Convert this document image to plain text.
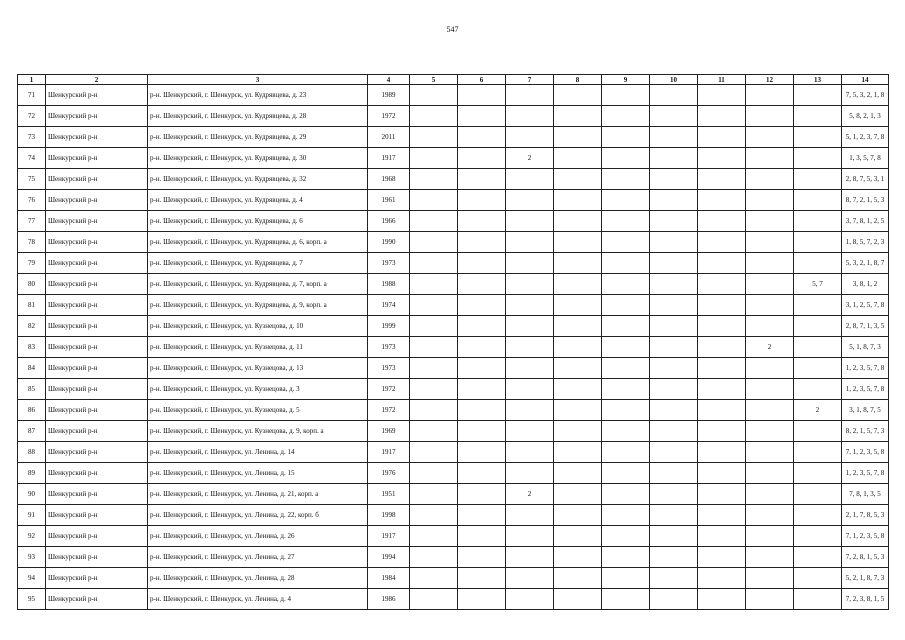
547
1	2	3	4	5	6	7	8	9	10	11	12	13	14
71	Шенкурский р-н	р-н. Шенкурский, г. Шенкурск, ул. Кудрявцева, д. 23	1989										7, 5, 3, 2, 1, 8
72	Шенкурский р-н	р-н. Шенкурский, г. Шенкурск, ул. Кудрявцева, д. 28	1972										5, 8, 2, 1, 3
73	Шенкурский р-н	р-н. Шенкурский, г. Шенкурск, ул. Кудрявцева, д. 29	2011										5, 1, 2, 3, 7, 8
74	Шенкурский р-н	р-н. Шенкурский, г. Шенкурск, ул. Кудрявцева, д. 30	1917			2							1, 3, 5, 7, 8
75	Шенкурский р-н	р-н. Шенкурский, г. Шенкурск, ул. Кудрявцева, д. 32	1968										2, 8, 7, 5, 3, 1
76	Шенкурский р-н	р-н. Шенкурский, г. Шенкурск, ул. Кудрявцева, д. 4	1961										8, 7, 2, 1, 5, 3
77	Шенкурский р-н	р-н. Шенкурский, г. Шенкурск, ул. Кудрявцева, д. 6	1966										3, 7, 8, 1, 2, 5
78	Шенкурский р-н	р-н. Шенкурский, г. Шенкурск, ул. Кудрявцева, д. 6, корп. а	1990										1, 8, 5, 7, 2, 3
79	Шенкурский р-н	р-н. Шенкурский, г. Шенкурск, ул. Кудрявцева, д. 7	1973										5, 3, 2, 1, 8, 7
80	Шенкурский р-н	р-н. Шенкурский, г. Шенкурск, ул. Кудрявцева, д. 7, корп. а	1988									5, 7	3, 8, 1, 2
81	Шенкурский р-н	р-н. Шенкурский, г. Шенкурск, ул. Кудрявцева, д. 9, корп. а	1974										3, 1, 2, 5, 7, 8
82	Шенкурский р-н	р-н. Шенкурский, г. Шенкурск, ул. Кузнецова, д. 10	1999										2, 8, 7, 1, 3, 5
83	Шенкурский р-н	р-н. Шенкурский, г. Шенкурск, ул. Кузнецова, д. 11	1973								2		5, 1, 8, 7, 3
84	Шенкурский р-н	р-н. Шенкурский, г. Шенкурск, ул. Кузнецова, д. 13	1973										1, 2, 3, 5, 7, 8
85	Шенкурский р-н	р-н. Шенкурский, г. Шенкурск, ул. Кузнецова, д. 3	1972										1, 2, 3, 5, 7, 8
86	Шенкурский р-н	р-н. Шенкурский, г. Шенкурск, ул. Кузнецова, д. 5	1972									2	3, 1, 8, 7, 5
87	Шенкурский р-н	р-н. Шенкурский, г. Шенкурск, ул. Кузнецова, д. 9, корп. а	1969										8, 2, 1, 5, 7, 3
88	Шенкурский р-н	р-н. Шенкурский, г. Шенкурск, ул. Ленина, д. 14	1917										7, 1, 2, 3, 5, 8
89	Шенкурский р-н	р-н. Шенкурский, г. Шенкурск, ул. Ленина, д. 15	1976										1, 2, 3, 5, 7, 8
90	Шенкурский р-н	р-н. Шенкурский, г. Шенкурск, ул. Ленина, д. 21, корп. а	1951			2							7, 8, 1, 3, 5
91	Шенкурский р-н	р-н. Шенкурский, г. Шенкурск, ул. Ленина, д. 22, корп. б	1998										2, 1, 7, 8, 5, 3
92	Шенкурский р-н	р-н. Шенкурский, г. Шенкурск, ул. Ленина, д. 26	1917										7, 1, 2, 3, 5, 8
93	Шенкурский р-н	р-н. Шенкурский, г. Шенкурск, ул. Ленина, д. 27	1994										7, 2, 8, 1, 5, 3
94	Шенкурский р-н	р-н. Шенкурский, г. Шенкурск, ул. Ленина, д. 28	1984										5, 2, 1, 8, 7, 3
95	Шенкурский р-н	р-н. Шенкурский, г. Шенкурск, ул. Ленина, д. 4	1986										7, 2, 3, 8, 1, 5
